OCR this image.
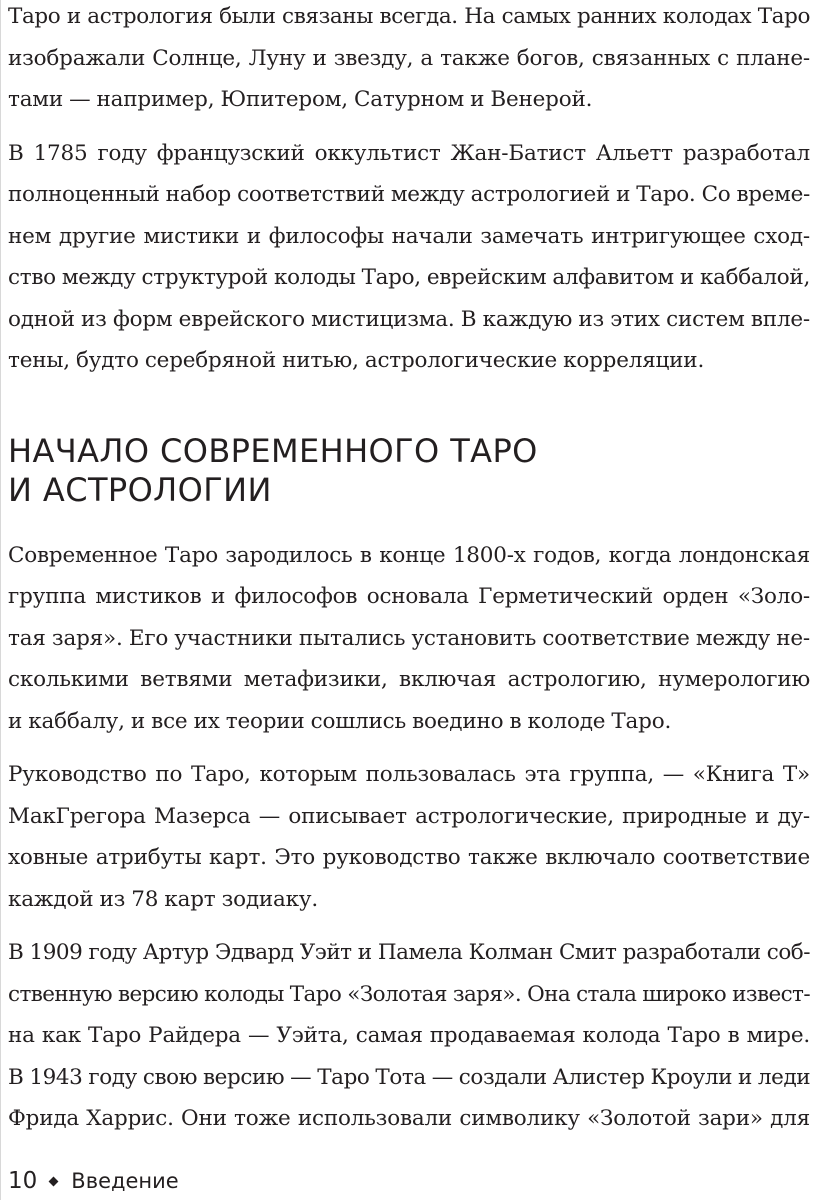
Таро и астрология были связаны всегда. На самых ранних колодах Таро
изображали Солнце, Луну и звезду, а также богов, связанных с плане-
тами — например, Юпитером, Сатурном и Венерой.

В 1785 году французский оккультист Жан-Батист Альетт разработал
полноценный набор соответствий между астрологией и Таро. Со време-
нем другие мистики и философы начали замечать интригующее сход-
ство между структурой колоды Таро, еврейским алфавитом и каббалой,
одной из форм еврейского мистицизма. В каждую из этих систем впле-
тены, будто серебряной нитью, астрологические корреляции.

НАЧАЛО СОВРЕМЕННОГО ТАРО
И АСТРОЛОГИИ

Современное Таро зародилось в конце 1800-х годов, когда лондонская
группа мистиков и философов основала Герметический орден «Золо-
тая заря». Его участники пытались установить соответствие между не-
сколькими ветвями метафизики, включая астрологию, нумерологию
и каббалу, и все их теории сошлись воедино в колоде Таро.

Руководство по Таро, которым пользовалась эта группа, — «Книга Т»
МакГрегора Мазерса — описывает астрологические, природные и ду-
ховные атрибуты карт. Это руководство также включало соответствие
каждой из 78 карт зодиаку.

В 1909 году Артур Эдвард Уэйт и Памела Колман Смит разработали соб-
ственную версию колоды Таро «Золотая заря». Она стала широко извест-
на как Таро Райдера — Уэйта, самая продаваемая колода Таро в мире.
В 1943 году свою версию — Таро Тота — создали Алистер Кроули и леди
Фрида Харрис. Они тоже использовали символику «Золотой зари» для

10 Введение
